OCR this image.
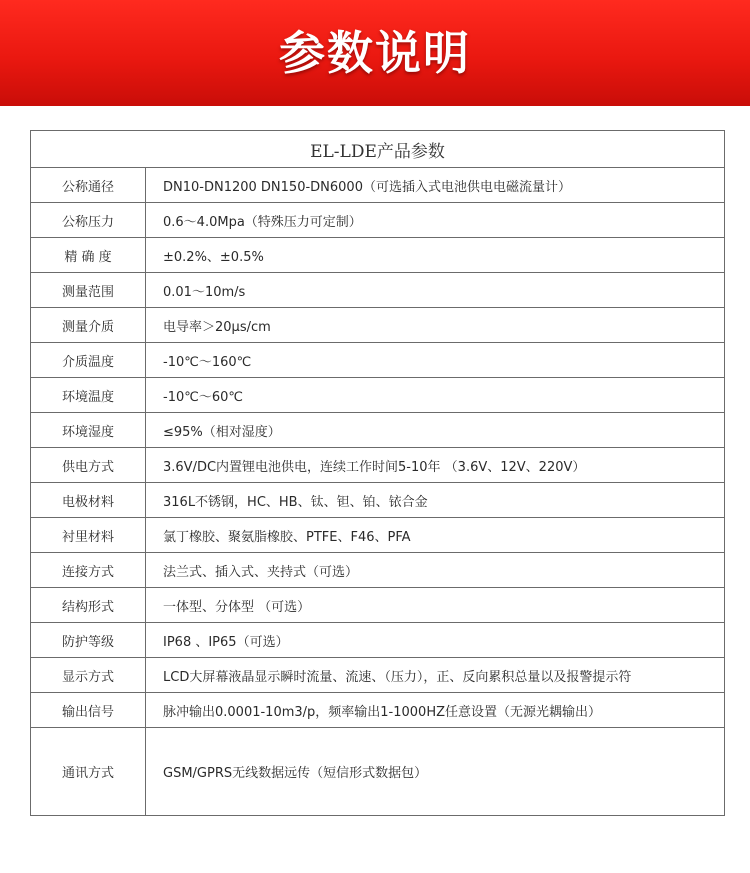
参数说明
EL-LDE产品参数	
公称通径	DN10-DN1200 DN150-DN6000（可选插入式电池供电电磁流量计）
公称压力	0.6～4.0Mpa（特殊压力可定制）
精 确 度	±0.2%、±0.5%
测量范围	0.01～10m/s
测量介质	电导率＞20μs/cm
介质温度	-10℃～160℃
环境温度	-10℃～60℃
环境湿度	≤95%（相对湿度）
供电方式	3.6V/DC内置锂电池供电，连续工作时间5-10年 （3.6V、12V、220V）
电极材料	316L不锈钢，HC、HB、钛、钽、铂、铱合金
衬里材料	氯丁橡胶、聚氨脂橡胶、PTFE、F46、PFA
连接方式	法兰式、插入式、夹持式（可选）
结构形式	一体型、分体型 （可选）
防护等级	IP68 、IP65（可选）
显示方式	LCD大屏幕液晶显示瞬时流量、流速、（压力），正、反向累积总量以及报警提示符
输出信号	脉冲输出0.0001-10m3/p，频率输出1-1000HZ任意设置（无源光耦输出）
通讯方式	GSM/GPRS无线数据远传（短信形式数据包）
